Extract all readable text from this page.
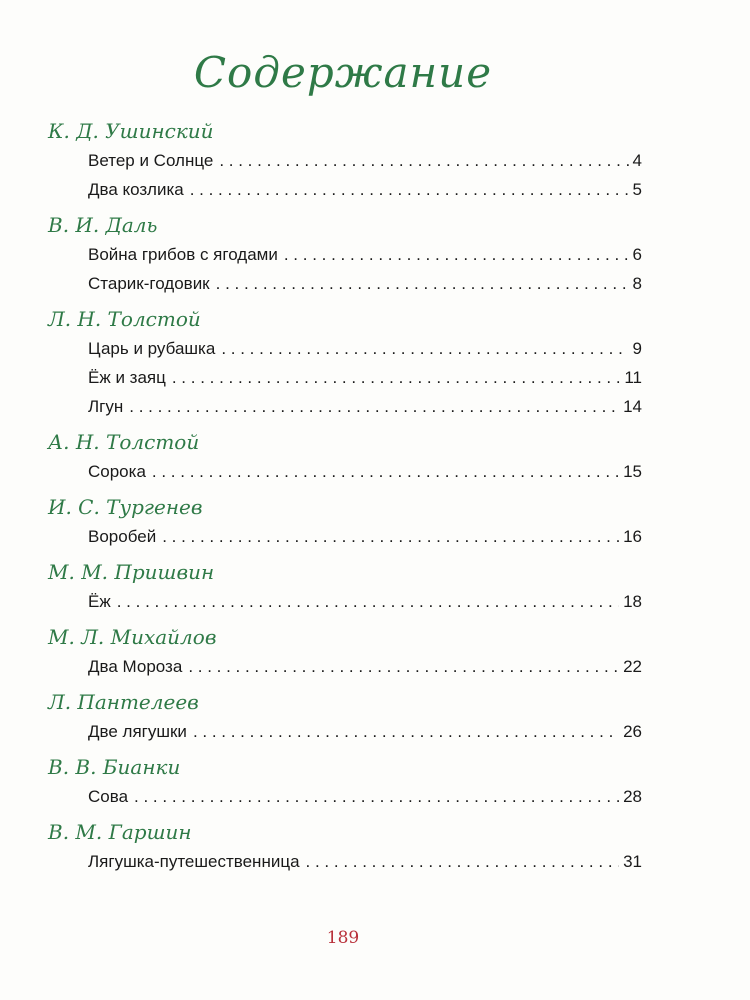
Содержание
К. Д. Ушинский
Ветер и Солнце . . .	4
Два козлика . . .	5
В. И. Даль
Война грибов с ягодами . . .	6
Старик-годовик . . .	8
Л. Н. Толстой
Царь и рубашка . . .	9
Ёж и заяц . . .	11
Лгун . . .	14
А. Н. Толстой
Сорока . . .	15
И. С. Тургенев
Воробей . . .	16
М. М. Пришвин
Ёж . . .	18
М. Л. Михайлов
Два Мороза . . .	22
Л. Пантелеев
Две лягушки . . .	26
В. В. Бианки
Сова . . .	28
В. М. Гаршин
Лягушка-путешественница . . .	31
189
